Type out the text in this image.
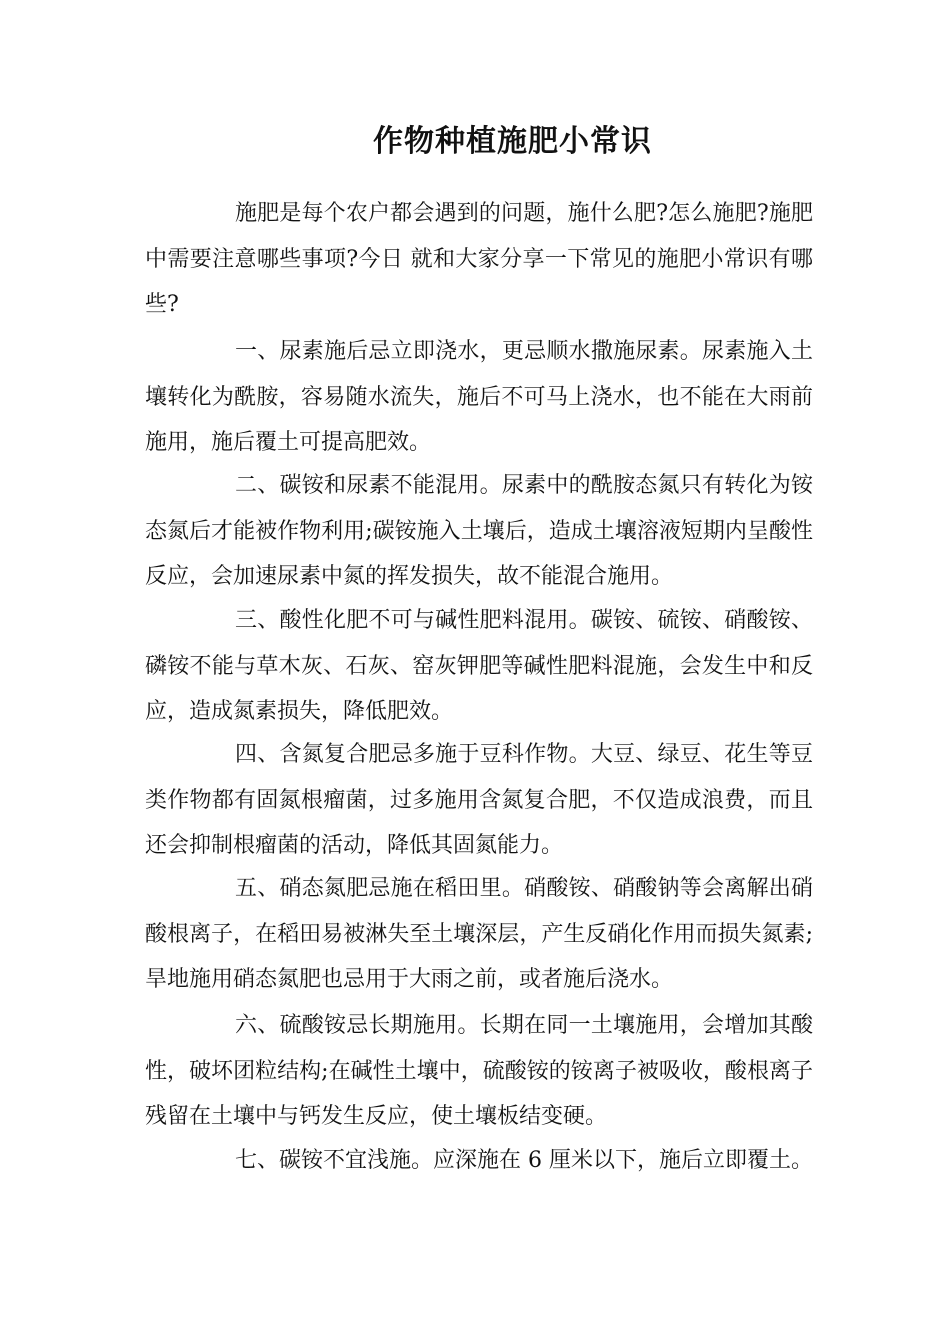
作物种植施肥小常识

施肥是每个农户都会遇到的问题，施什么肥?怎么施肥?施肥中需要注意哪些事项?今日 就和大家分享一下常见的施肥小常识有哪些?

一、尿素施后忌立即浇水，更忌顺水撒施尿素。尿素施入土壤转化为酰胺，容易随水流失，施后不可马上浇水，也不能在大雨前施用，施后覆土可提高肥效。

二、碳铵和尿素不能混用。尿素中的酰胺态氮只有转化为铵态氮后才能被作物利用;碳铵施入土壤后，造成土壤溶液短期内呈酸性反应，会加速尿素中氮的挥发损失，故不能混合施用。

三、酸性化肥不可与碱性肥料混用。碳铵、硫铵、硝酸铵、磷铵不能与草木灰、石灰、窑灰钾肥等碱性肥料混施，会发生中和反应，造成氮素损失，降低肥效。

四、含氮复合肥忌多施于豆科作物。大豆、绿豆、花生等豆类作物都有固氮根瘤菌，过多施用含氮复合肥，不仅造成浪费，而且还会抑制根瘤菌的活动，降低其固氮能力。

五、硝态氮肥忌施在稻田里。硝酸铵、硝酸钠等会离解出硝酸根离子，在稻田易被淋失至土壤深层，产生反硝化作用而损失氮素;旱地施用硝态氮肥也忌用于大雨之前，或者施后浇水。

六、硫酸铵忌长期施用。长期在同一土壤施用，会增加其酸性，破坏团粒结构;在碱性土壤中，硫酸铵的铵离子被吸收，酸根离子残留在土壤中与钙发生反应，使土壤板结变硬。

七、碳铵不宜浅施。应深施在 6 厘米以下，施后立即覆土。
